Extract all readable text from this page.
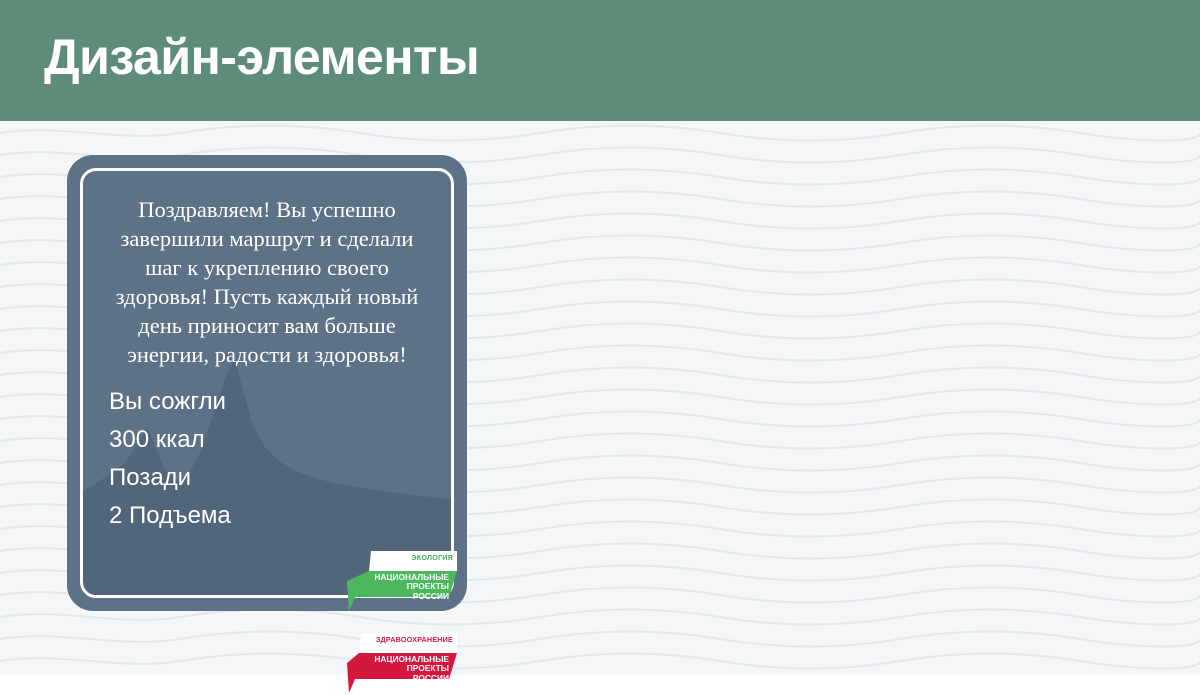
Дизайн-элементы

Поздравляем! Вы успешно завершили маршрут и сделали шаг к укреплению своего здоровья! Пусть каждый новый день приносит вам больше энергии, радости и здоровья!

Вы сожгли
300 ккал
Позади
2 Подъема
ЭКОЛОГИЯ
НАЦИОНАЛЬНЫЕ
ПРОЕКТЫ
РОССИИ
ЗДРАВООХРАНЕНИЕ
НАЦИОНАЛЬНЫЕ
ПРОЕКТЫ
РОССИИ
